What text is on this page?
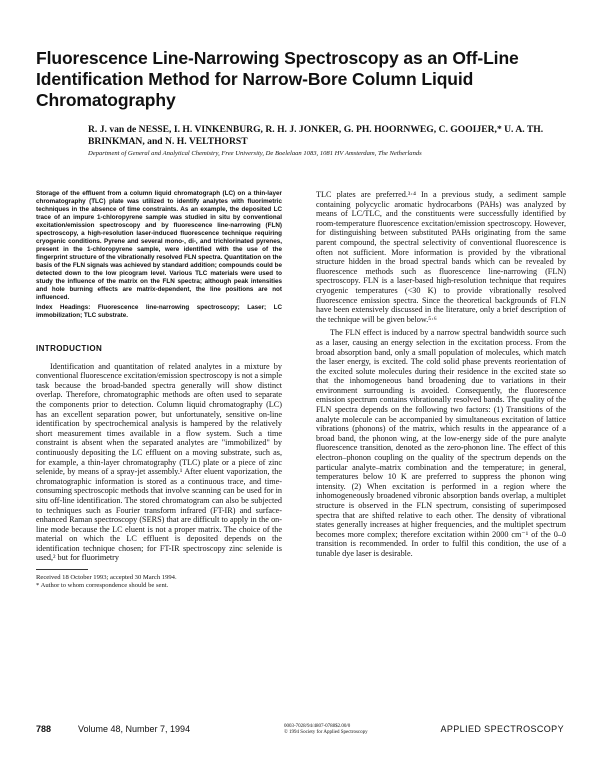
Fluorescence Line-Narrowing Spectroscopy as an Off-Line Identification Method for Narrow-Bore Column Liquid Chromatography
R. J. van de NESSE, I. H. VINKENBURG, R. H. J. JONKER, G. PH. HOORNWEG, C. GOOIJER,* U. A. TH. BRINKMAN, and N. H. VELTHORST
Department of General and Analytical Chemistry, Free University, De Boelelaan 1083, 1081 HV Amsterdam, The Netherlands

Storage of the effluent from a column liquid chromatograph (LC) on a thin-layer chromatography (TLC) plate was utilized to identify analytes with fluorimetric techniques in the absence of time constraints. As an example, the deposited LC trace of an impure 1-chloropyrene sample was studied in situ by conventional excitation/emission spectroscopy and by fluorescence line-narrowing (FLN) spectroscopy, a high-resolution laser-induced fluorescence technique requiring cryogenic conditions. Pyrene and several mono-, di-, and trichlorinated pyrenes, present in the 1-chloropyrene sample, were identified with the use of the fingerprint structure of the vibrationally resolved FLN spectra. Quantitation on the basis of the FLN signals was achieved by standard addition; compounds could be detected down to the low picogram level. Various TLC materials were used to study the influence of the matrix on the FLN spectra; although peak intensities and hole burning effects are matrix-dependent, the line positions are not influenced.

Index Headings: Fluorescence line-narrowing spectroscopy; Laser; LC immobilization; TLC substrate.

INTRODUCTION

Identification and quantitation of related analytes in a mixture by conventional fluorescence excitation/emission spectroscopy is not a simple task because the broad-banded spectra generally will show distinct overlap. Therefore, chromatographic methods are often used to separate the components prior to detection. Column liquid chromatography (LC) has an excellent separation power, but unfortunately, sensitive on-line identification by spectrochemical analysis is hampered by the relatively short measurement times available in a flow system. Such a time constraint is absent when the separated analytes are "immobilized" by continuously depositing the LC effluent on a moving substrate, such as, for example, a thin-layer chromatography (TLC) plate or a piece of zinc selenide, by means of a spray-jet assembly.¹ After eluent vaporization, the chromatographic information is stored as a continuous trace, and time-consuming spectroscopic methods that involve scanning can be used for in situ off-line identification. The stored chromatogram can also be subjected to techniques such as Fourier transform infrared (FT-IR) and surface-enhanced Raman spectroscopy (SERS) that are difficult to apply in the on-line mode because the LC eluent is not a proper matrix. The choice of the material on which the LC effluent is deposited depends on the identification technique chosen; for FT-IR spectroscopy zinc selenide is used,² but for fluorimetry

Received 18 October 1993; accepted 30 March 1994.

* Author to whom correspondence should be sent.

TLC plates are preferred.³·⁴ In a previous study, a sediment sample containing polycyclic aromatic hydrocarbons (PAHs) was analyzed by means of LC/TLC, and the constituents were successfully identified by room-temperature fluorescence excitation/emission spectroscopy. However, for distinguishing between substituted PAHs originating from the same parent compound, the spectral selectivity of conventional fluorescence is often not sufficient. More information is provided by the vibrational structure hidden in the broad spectral bands which can be revealed by fluorescence methods such as fluorescence line-narrowing (FLN) spectroscopy. FLN is a laser-based high-resolution technique that requires cryogenic temperatures (<30 K) to provide vibrationally resolved fluorescence emission spectra. Since the theoretical backgrounds of FLN have been extensively discussed in the literature, only a brief description of the technique will be given below.⁵·⁶

The FLN effect is induced by a narrow spectral bandwidth source such as a laser, causing an energy selection in the excitation process. From the broad absorption band, only a small population of molecules, which match the laser energy, is excited. The cold solid phase prevents reorientation of the excited solute molecules during their residence in the excited state so that the inhomogeneous band broadening due to variations in their environment surrounding is avoided. Consequently, the fluorescence emission spectrum contains vibrationally resolved bands. The quality of the FLN spectra depends on the following two factors: (1) Transitions of the analyte molecule can be accompanied by simultaneous excitation of lattice vibrations (phonons) of the matrix, which results in the appearance of a broad band, the phonon wing, at the low-energy side of the pure analyte fluorescence transition, denoted as the zero-phonon line. The effect of this electron–phonon coupling on the quality of the spectrum depends on the particular analyte–matrix combination and the temperature; in general, temperatures below 10 K are preferred to suppress the phonon wing intensity. (2) When excitation is performed in a region where the inhomogeneously broadened vibronic absorption bands overlap, a multiplet structure is observed in the FLN spectrum, consisting of superimposed spectra that are shifted relative to each other. The density of vibrational states generally increases at higher frequencies, and the multiplet spectrum becomes more complex; therefore excitation within 2000 cm⁻¹ of the 0–0 transition is recommended. In order to fulfil this condition, the use of a tunable dye laser is desirable.

788	Volume 48, Number 7, 1994	0003-7028/94/4807-0788$2.00/0
© 1994 Society for Applied Spectroscopy	APPLIED SPECTROSCOPY
